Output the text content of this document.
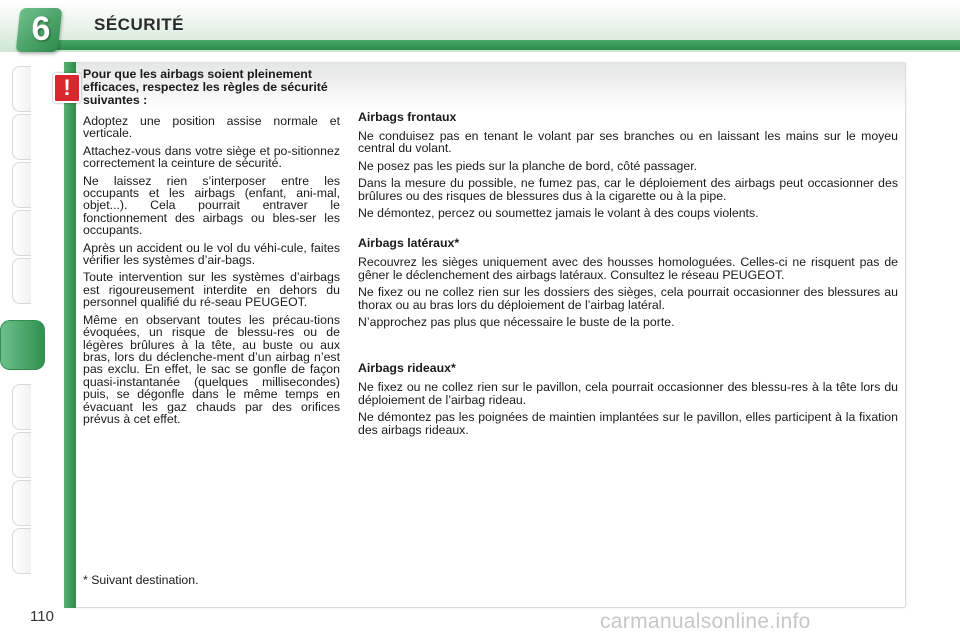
6	SÉCURITÉ
!
Pour que les airbags soient pleinement efficaces, respectez les règles de sécurité suivantes :
Adoptez une position assise normale et verticale.
Attachez-vous dans votre siège et po-sitionnez correctement la ceinture de sécurité.
Ne laissez rien s’interposer entre les occupants et les airbags (enfant, ani-mal, objet...). Cela pourrait entraver le fonctionnement des airbags ou bles-ser les occupants.
Après un accident ou le vol du véhi-cule, faites vérifier les systèmes d’air-bags.
Toute intervention sur les systèmes d’airbags est rigoureusement interdite en dehors du personnel qualifié du ré-seau PEUGEOT.
Même en observant toutes les précau-tions évoquées, un risque de blessu-res ou de légères brûlures à la tête, au buste ou aux bras, lors du déclenche-ment d’un airbag n’est pas exclu. En effet, le sac se gonfle de façon quasi-instantanée (quelques millisecondes) puis, se dégonfle dans le même temps en évacuant les gaz chauds par des orifices prévus à cet effet.
Airbags frontaux
Ne conduisez pas en tenant le volant par ses branches ou en laissant les mains sur le moyeu central du volant.
Ne posez pas les pieds sur la planche de bord, côté passager.
Dans la mesure du possible, ne fumez pas, car le déploiement des airbags peut occasionner des brûlures ou des risques de blessures dus à la cigarette ou à la pipe.
Ne démontez, percez ou soumettez jamais le volant à des coups violents.
Airbags latéraux*
Recouvrez les sièges uniquement avec des housses homologuées. Celles-ci ne risquent pas de gêner le déclenchement des airbags latéraux. Consultez le réseau PEUGEOT.
Ne fixez ou ne collez rien sur les dossiers des sièges, cela pourrait occasionner des blessures au thorax ou au bras lors du déploiement de l’airbag latéral.
N’approchez pas plus que nécessaire le buste de la porte.
Airbags rideaux*
Ne fixez ou ne collez rien sur le pavillon, cela pourrait occasionner des blessu-res à la tête lors du déploiement de l’airbag rideau.
Ne démontez pas les poignées de maintien implantées sur le pavillon, elles participent à la fixation des airbags rideaux.
* Suivant destination.
110	carmanualsonline.info
